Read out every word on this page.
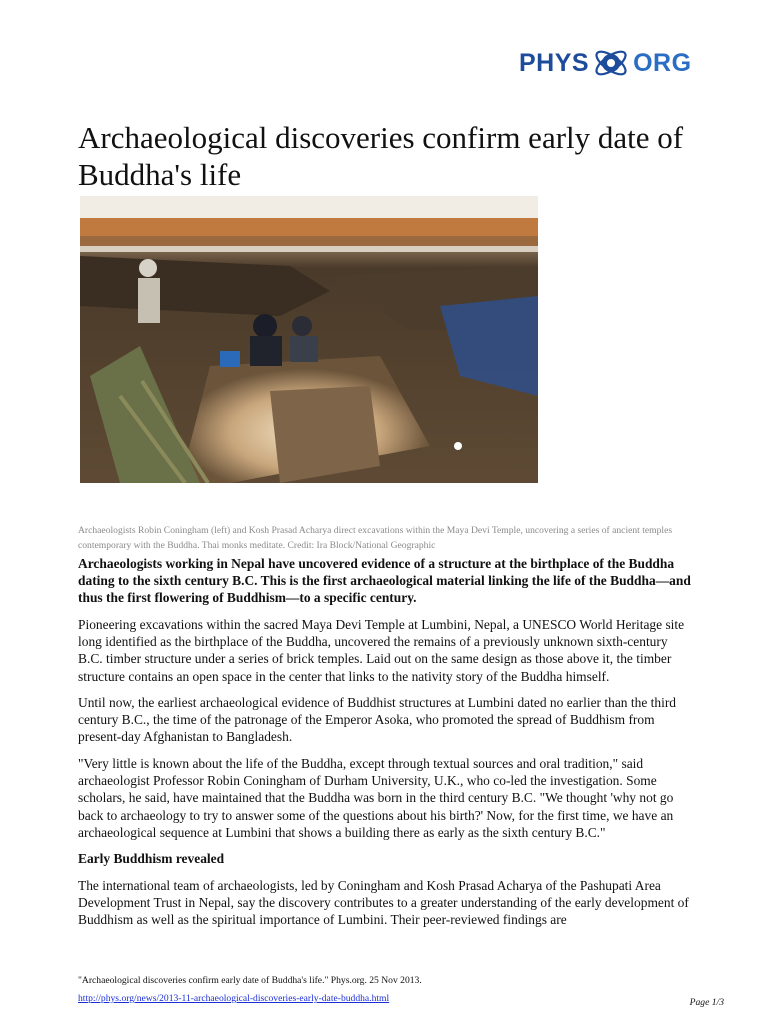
PHYS ORG
Archaeological discoveries confirm early date of Buddha's life
Archaeologists Robin Coningham (left) and Kosh Prasad Acharya direct excavations within the Maya Devi Temple, uncovering a series of ancient temples contemporary with the Buddha. Thai monks meditate. Credit: Ira Block/National Geographic

Archaeologists working in Nepal have uncovered evidence of a structure at the birthplace of the Buddha dating to the sixth century B.C. This is the first archaeological material linking the life of the Buddha—and thus the first flowering of Buddhism—to a specific century.

Pioneering excavations within the sacred Maya Devi Temple at Lumbini, Nepal, a UNESCO World Heritage site long identified as the birthplace of the Buddha, uncovered the remains of a previously unknown sixth-century B.C. timber structure under a series of brick temples. Laid out on the same design as those above it, the timber structure contains an open space in the center that links to the nativity story of the Buddha himself.

Until now, the earliest archaeological evidence of Buddhist structures at Lumbini dated no earlier than the third century B.C., the time of the patronage of the Emperor Asoka, who promoted the spread of Buddhism from present-day Afghanistan to Bangladesh.

"Very little is known about the life of the Buddha, except through textual sources and oral tradition," said archaeologist Professor Robin Coningham of Durham University, U.K., who co-led the investigation. Some scholars, he said, have maintained that the Buddha was born in the third century B.C. "We thought 'why not go back to archaeology to try to answer some of the questions about his birth?' Now, for the first time, we have an archaeological sequence at Lumbini that shows a building there as early as the sixth century B.C."

Early Buddhism revealed

The international team of archaeologists, led by Coningham and Kosh Prasad Acharya of the Pashupati Area Development Trust in Nepal, say the discovery contributes to a greater understanding of the early development of Buddhism as well as the spiritual importance of Lumbini. Their peer-reviewed findings are

"Archaeological discoveries confirm early date of Buddha's life." Phys.org. 25 Nov 2013.
http://phys.org/news/2013-11-archaeological-discoveries-early-date-buddha.html	Page 1/3
